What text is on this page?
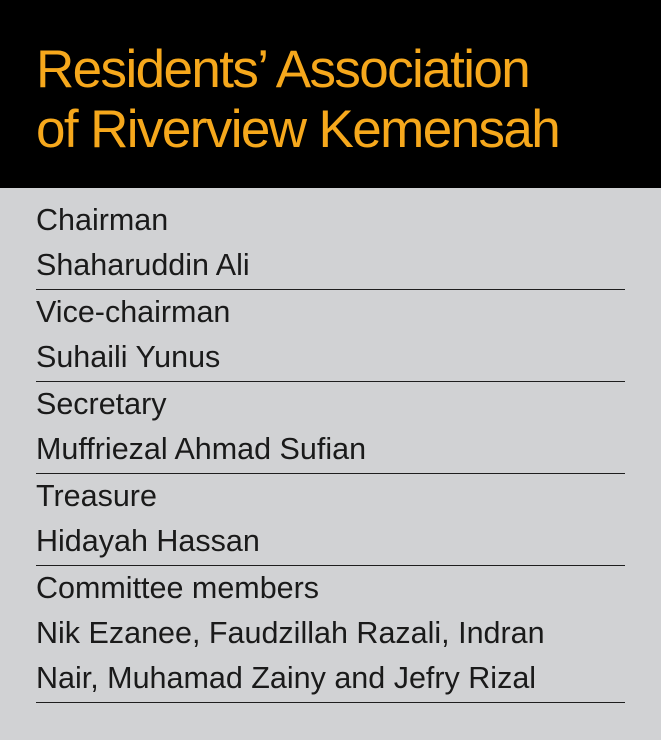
Residents’ Association
of Riverview Kemensah
Chairman
Shaharuddin Ali
Vice-chairman
Suhaili Yunus
Secretary
Muffriezal Ahmad Sufian
Treasure
Hidayah Hassan
Committee members
Nik Ezanee, Faudzillah Razali, Indran
Nair, Muhamad Zainy and Jefry Rizal
